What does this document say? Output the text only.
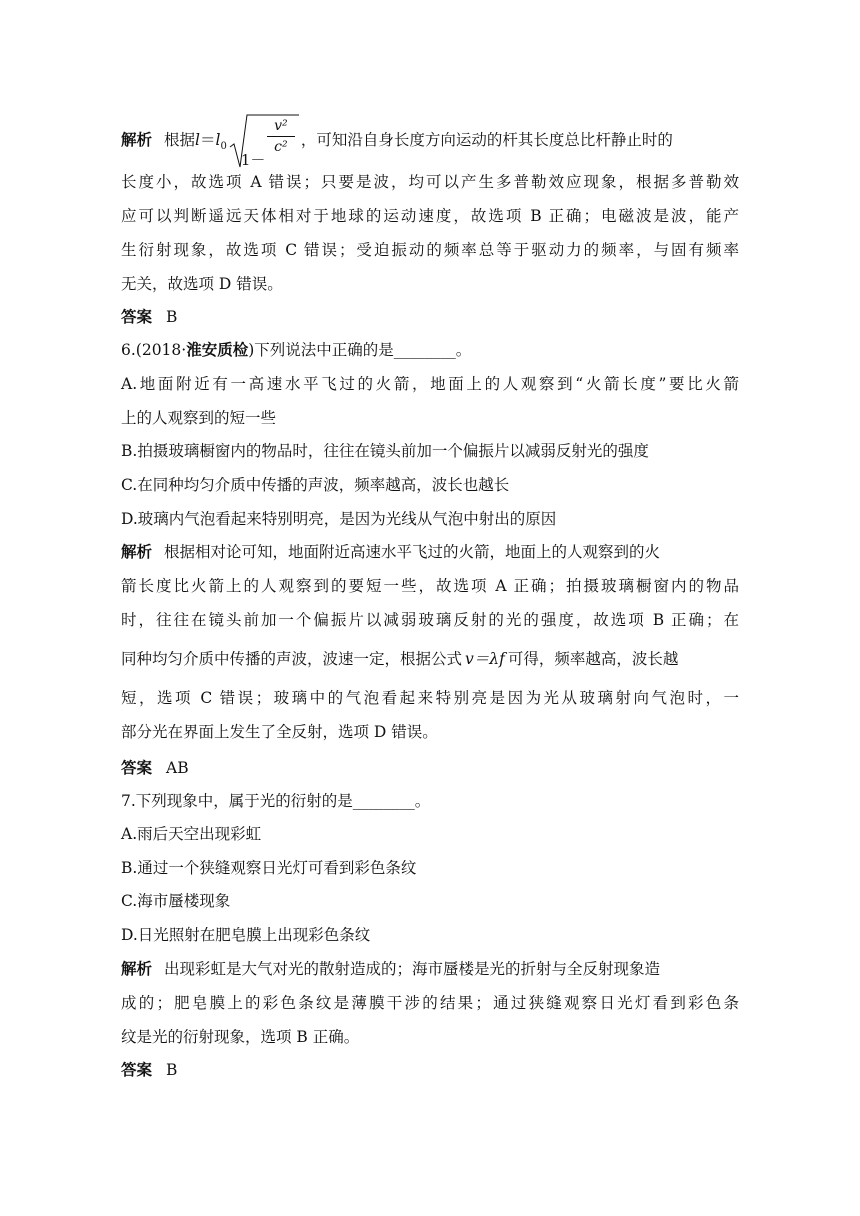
解析 根据$l=l_0$
1－
v²
c² ，可知沿自身长度方向运动的杆其长度总比杆静止时的
长度小，故选项 A 错误；只要是波，均可以产生多普勒效应现象，根据多普勒效
应可以判断遥远天体相对于地球的运动速度，故选项 B 正确；电磁波是波，能产
生衍射现象，故选项 C 错误；受迫振动的频率总等于驱动力的频率，与固有频率
无关，故选项 D 错误。
答案 B
6.(2018·淮安质检)下列说法中正确的是________。
A.地面附近有一高速水平飞过的火箭，地面上的人观察到“火箭长度”要比火箭
上的人观察到的短一些
B.拍摄玻璃橱窗内的物品时，往往在镜头前加一个偏振片以减弱反射光的强度
C.在同种均匀介质中传播的声波，频率越高，波长也越长
D.玻璃内气泡看起来特别明亮，是因为光线从气泡中射出的原因
解析 根据相对论可知，地面附近高速水平飞过的火箭，地面上的人观察到的火
箭长度比火箭上的人观察到的要短一些，故选项 A 正确；拍摄玻璃橱窗内的物品
时，往往在镜头前加一个偏振片以减弱玻璃反射的光的强度，故选项 B 正确；在
同种均匀介质中传播的声波，波速一定，根据公式 v＝λf 可得，频率越高，波长越
短，选项 C 错误；玻璃中的气泡看起来特别亮是因为光从玻璃射向气泡时，一
部分光在界面上发生了全反射，选项 D 错误。
答案 AB
7.下列现象中，属于光的衍射的是________。
A.雨后天空出现彩虹
B.通过一个狭缝观察日光灯可看到彩色条纹
C.海市蜃楼现象
D.日光照射在肥皂膜上出现彩色条纹
解析 出现彩虹是大气对光的散射造成的；海市蜃楼是光的折射与全反射现象造
成的；肥皂膜上的彩色条纹是薄膜干涉的结果；通过狭缝观察日光灯看到彩色条
纹是光的衍射现象，选项 B 正确。
答案 B
